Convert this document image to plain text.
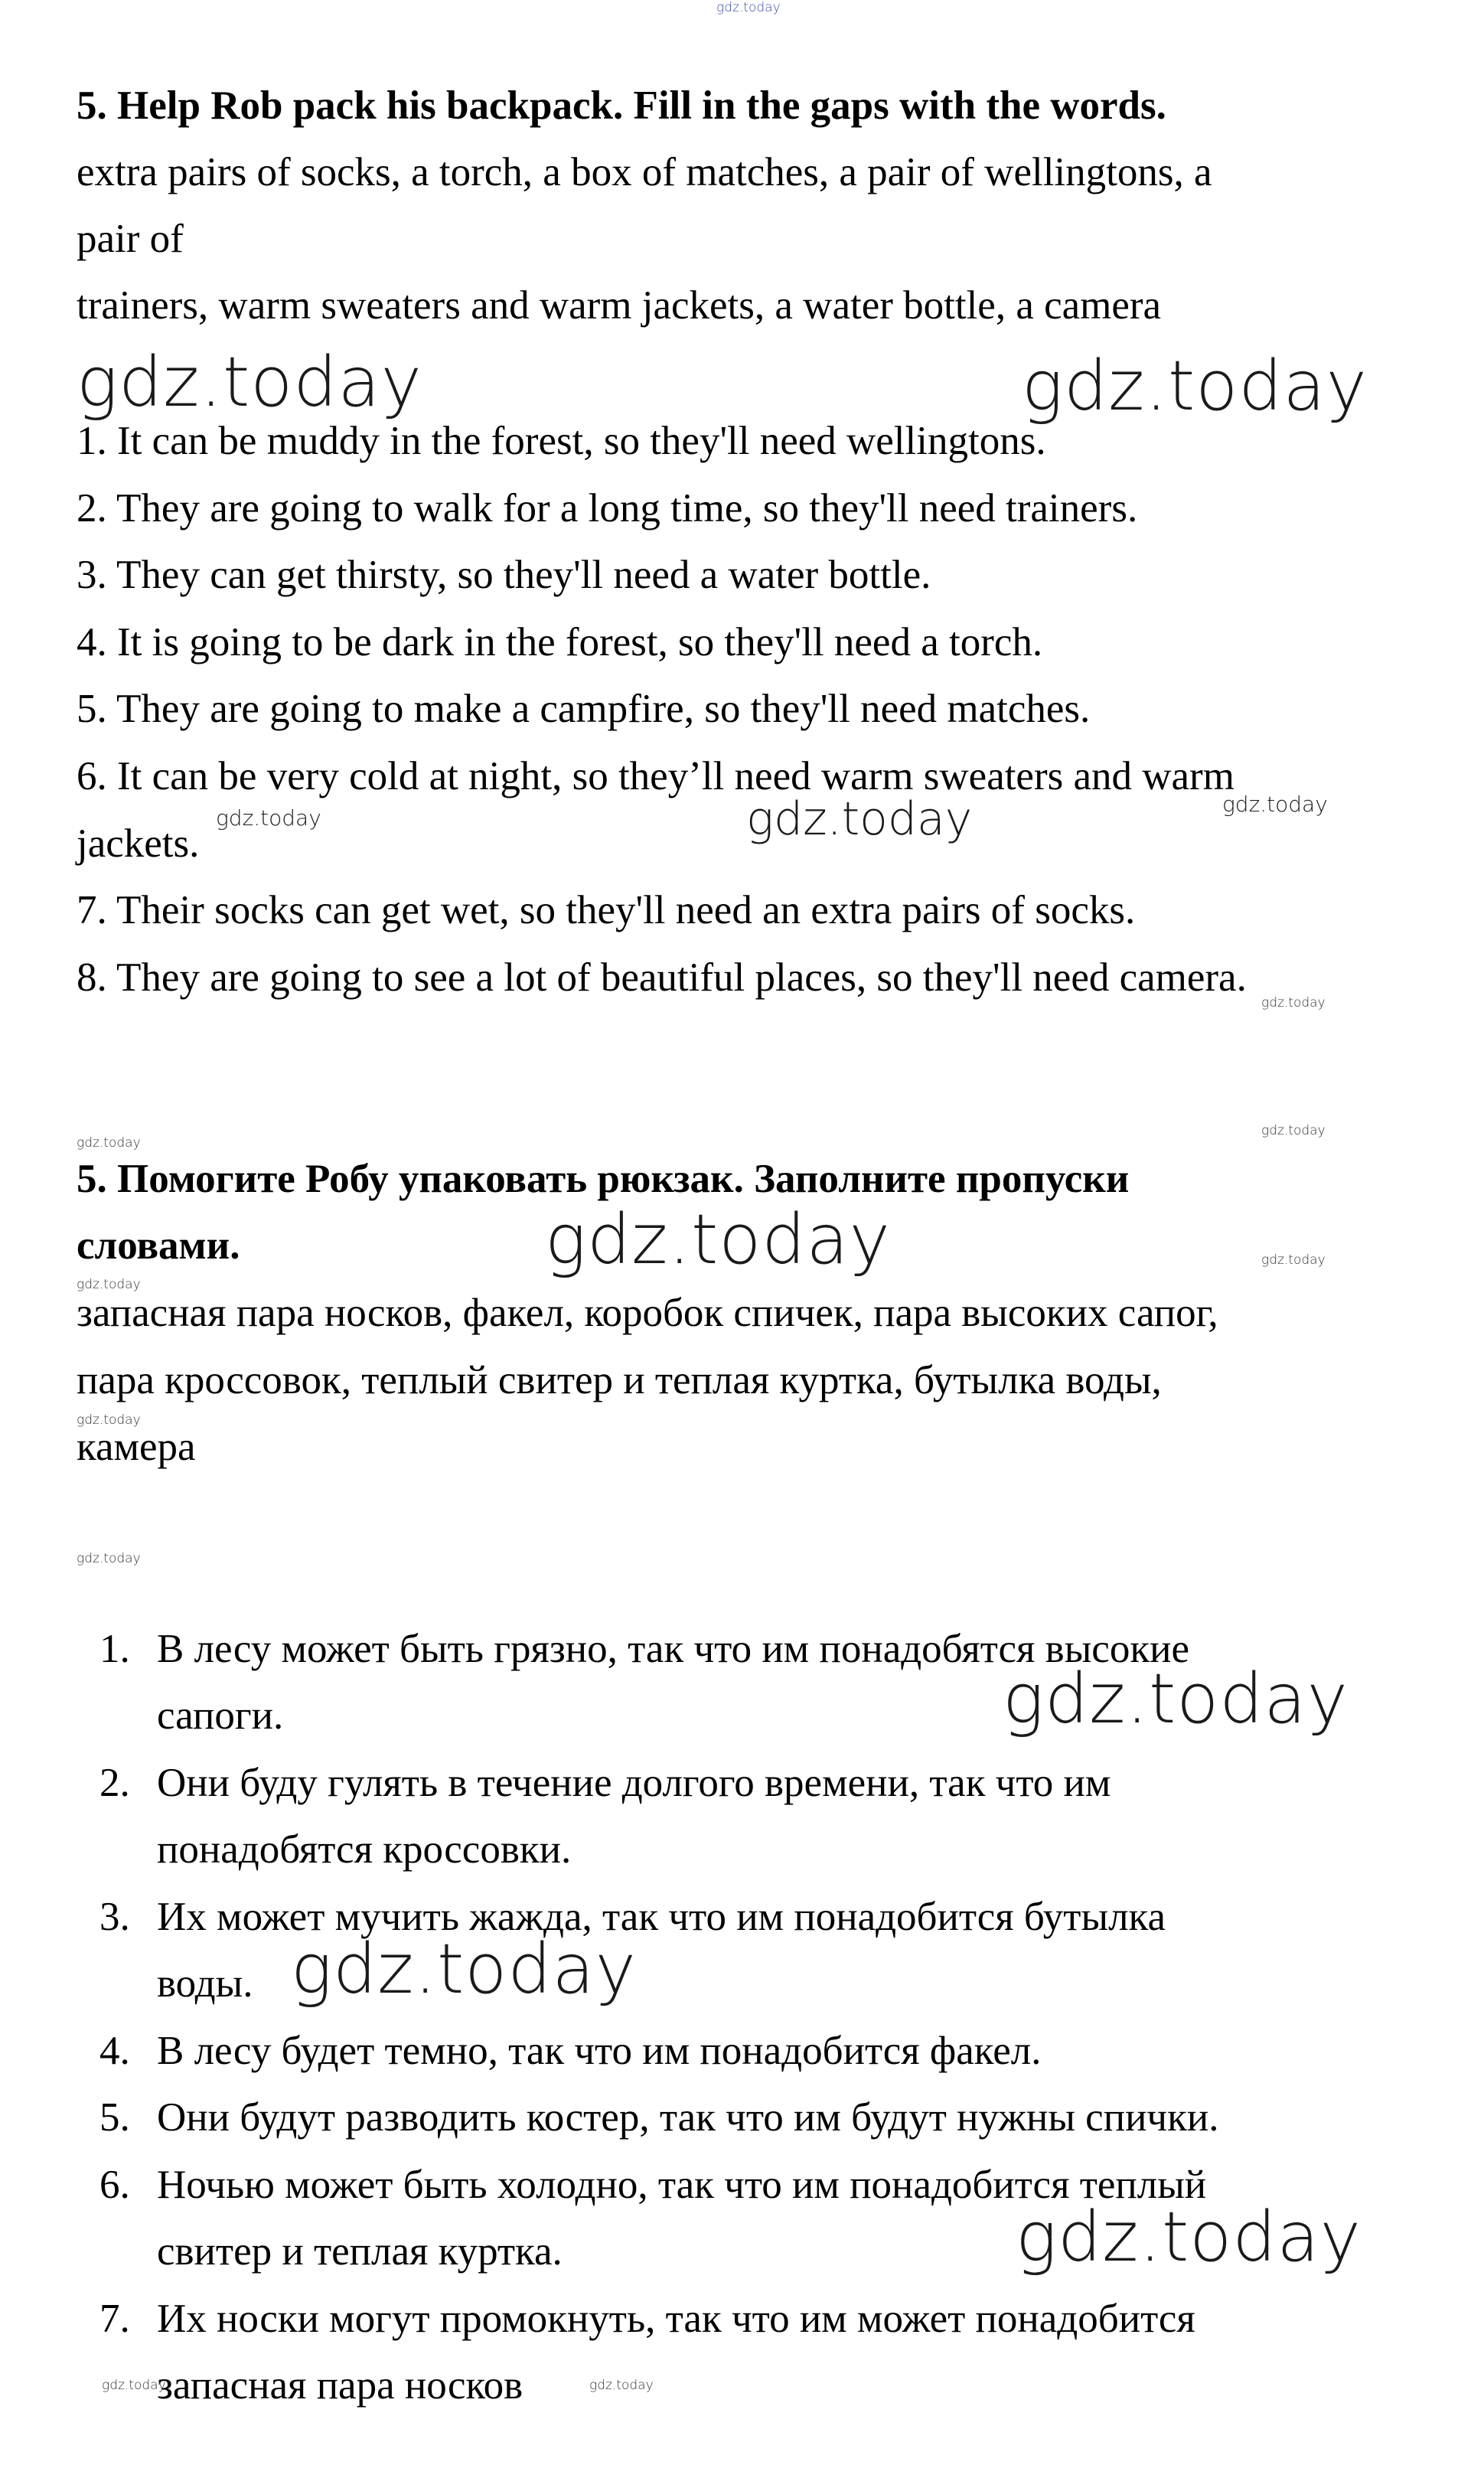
gdz.today
5. Help Rob pack his backpack. Fill in the gaps with the words.
extra pairs of socks, a torch, a box of matches, a pair of wellingtons, a
pair of
trainers, warm sweaters and warm jackets, a water bottle, a camera
gdz.today	gdz.today
1. It can be muddy in the forest, so they'll need wellingtons.
2. They are going to walk for a long time, so they'll need trainers.
3. They can get thirsty, so they'll need a water bottle.
4. It is going to be dark in the forest, so they'll need a torch.
5. They are going to make a campfire, so they'll need matches.
6. It can be very cold at night, so they’ll need warm sweaters and warm
jackets.
gdz.today	gdz.today	gdz.today
7. Their socks can get wet, so they'll need an extra pairs of socks.
8. They are going to see a lot of beautiful places, so they'll need camera.
gdz.today
gdz.today
gdz.today
5. Помогите Робу упаковать рюкзак. Заполните пропуски
словами.	gdz.today	gdz.today
gdz.today
запасная пара носков, факел, коробок спичек, пара высоких сапог,
пара кроссовок, теплый свитер и теплая куртка, бутылка воды,
gdz.today
камера
gdz.today
1. В лесу может быть грязно, так что им понадобятся высокие
сапоги.	gdz.today
2. Они буду гулять в течение долгого времени, так что им
понадобятся кроссовки.
3. Их может мучить жажда, так что им понадобится бутылка
воды. gdz.today
4. В лесу будет темно, так что им понадобится факел.
5. Они будут разводить костер, так что им будут нужны спички.
6. Ночью может быть холодно, так что им понадобится теплый
свитер и теплая куртка.	gdz.today
7. Их носки могут промокнуть, так что им может понадобится
запасная пара носков
gdz.today	gdz.today
